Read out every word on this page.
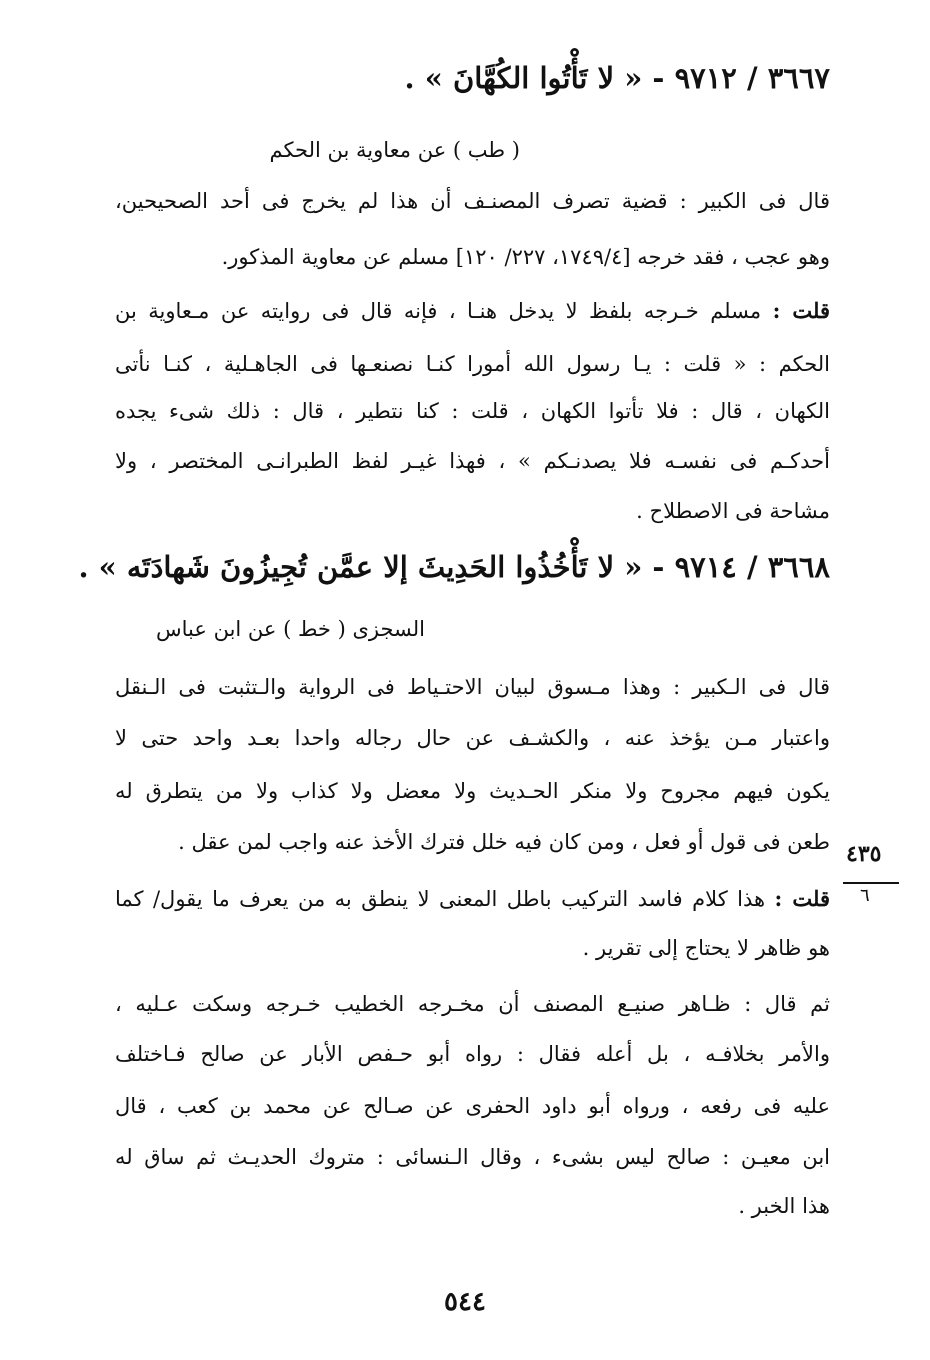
٣٦٦٧ / ٩٧١٢ - « لا تَأْتُوا الكُهَّانَ » .
( طب ) عن معاوية بن الحكم
قال فى الكبير : قضية تصرف المصنـف أن هذا لم يخرج فى أحد الصحيحين،
وهو عجب ، فقد خرجه [١٧٤٩/٤، ٢٢٧/ ١٢٠] مسلم عن معاوية المذكور.
قلت : مسلم خـرجه بلفظ لا يدخل هنـا ، فإنه قال فى روايته عن مـعاوية بن
الحكم : « قلت : يـا رسول الله أمورا كنـا نصنعـها فى الجاهـلية ، كنـا نأتى
الكهان ، قال : فلا تأتوا الكهان ، قلت : كنا نتطير ، قال : ذلك شىء يجده
أحدكـم فى نفسـه فلا يصدنـكم » ، فهذا غيـر لفظ الطبرانـى المختصر ، ولا
مشاحة فى الاصطلاح .
٣٦٦٨ / ٩٧١٤ - « لا تَأْخُذُوا الحَدِيثَ إلا عمَّن تُجِيزُونَ شَهادَتَه » .
السجزى ( خط ) عن ابن عباس
قال فى الـكبير : وهذا مـسوق لبيان الاحتـياط فى الرواية والـتثبت فى الـنقل
واعتبار مـن يؤخذ عنه ، والكشـف عن حال رجاله واحدا بعـد واحد حتى لا
يكون فيهم مجروح ولا منكر الحـديث ولا معضل ولا كذاب ولا من يتطرق له
طعن فى قول أو فعل ، ومن كان فيه خلل فترك الأخذ عنه واجب لمن عقل .
قلت : هذا كلام فاسد التركيب باطل المعنى لا ينطق به من يعرف ما يقول/ كما
هو ظاهر لا يحتاج إلى تقرير .
ثم قال : ظـاهر صنيـع المصنف أن مخـرجه الخطيب خـرجه وسكت عـليه ،
والأمر بخلافـه ، بل أعله فقال : رواه أبو حـفص الأبار عن صالح فـاختلف
عليه فى رفعه ، ورواه أبو داود الحفرى عن صـالح عن محمد بن كعب ، قال
ابن معيـن : صالح ليس بشىء ، وقال الـنسائى : متروك الحديـث ثم ساق له
هذا الخبر .
٤٣٥
٦
٥٤٤
